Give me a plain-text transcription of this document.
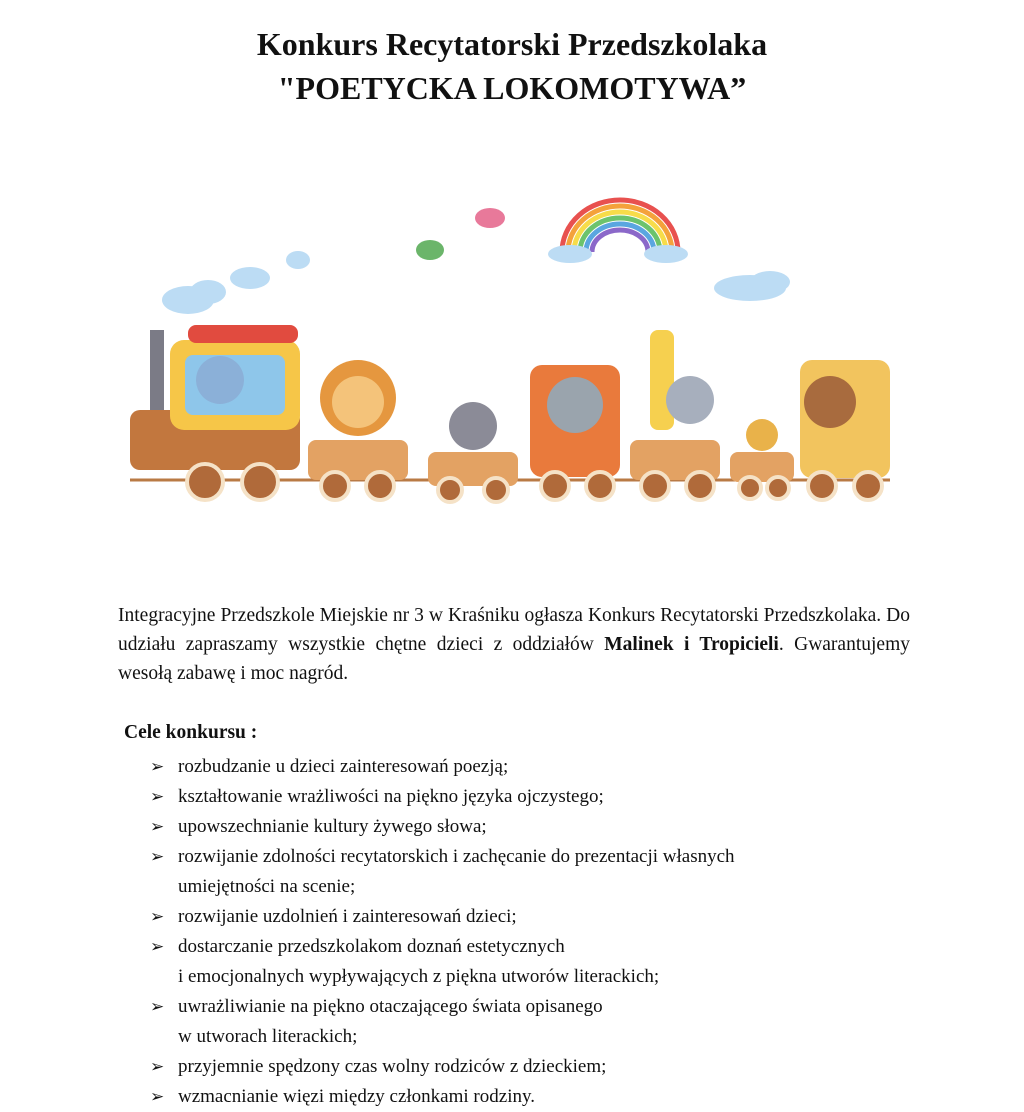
Konkurs Recytatorski Przedszkolaka
"POETYCKA LOKOMOTYWA”

Integracyjne Przedszkole Miejskie nr 3 w Kraśniku ogłasza Konkurs Recytatorski Przedszkolaka. Do udziału zapraszamy wszystkie chętne dzieci z oddziałów Malinek i Tropicieli. Gwarantujemy wesołą zabawę i moc nagród.

Cele konkursu :
➢ rozbudzanie u dzieci zainteresowań poezją;
➢ kształtowanie wrażliwości na piękno języka ojczystego;
➢ upowszechnianie kultury żywego słowa;
➢ rozwijanie zdolności recytatorskich i zachęcanie do prezentacji własnych
umiejętności na scenie;
➢ rozwijanie uzdolnień i zainteresowań dzieci;
➢ dostarczanie przedszkolakom doznań estetycznych
i emocjonalnych wypływających z piękna utworów literackich;
➢ uwrażliwianie na piękno otaczającego świata opisanego
w utworach literackich;
➢ przyjemnie spędzony czas wolny rodziców z dzieckiem;
➢ wzmacnianie więzi między członkami rodziny.
